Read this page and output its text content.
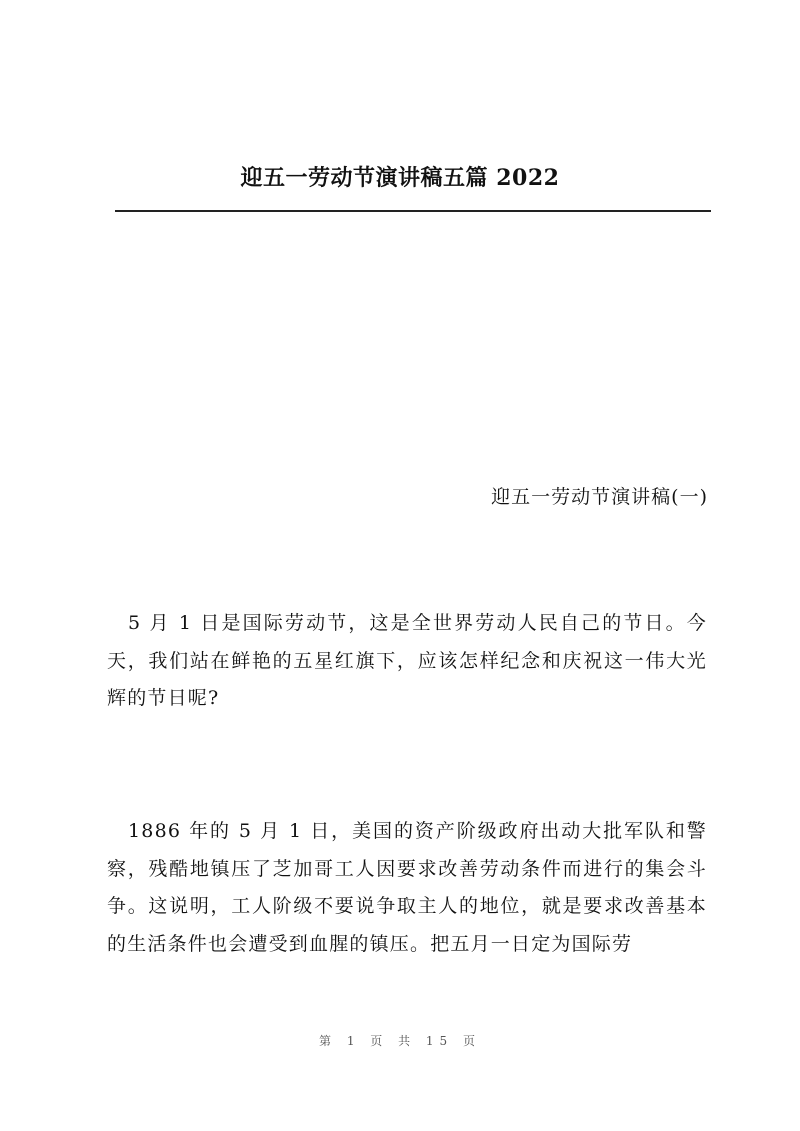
迎五一劳动节演讲稿五篇 2022
迎五一劳动节演讲稿(一)
5 月 1 日是国际劳动节，这是全世界劳动人民自己的节日。今天，我们站在鲜艳的五星红旗下，应该怎样纪念和庆祝这一伟大光辉的节日呢?
1886 年的 5 月 1 日，美国的资产阶级政府出动大批军队和警察，残酷地镇压了芝加哥工人因要求改善劳动条件而进行的集会斗争。这说明，工人阶级不要说争取主人的地位，就是要求改善基本的生活条件也会遭受到血腥的镇压。把五月一日定为国际劳
第 1 页 共 15 页
